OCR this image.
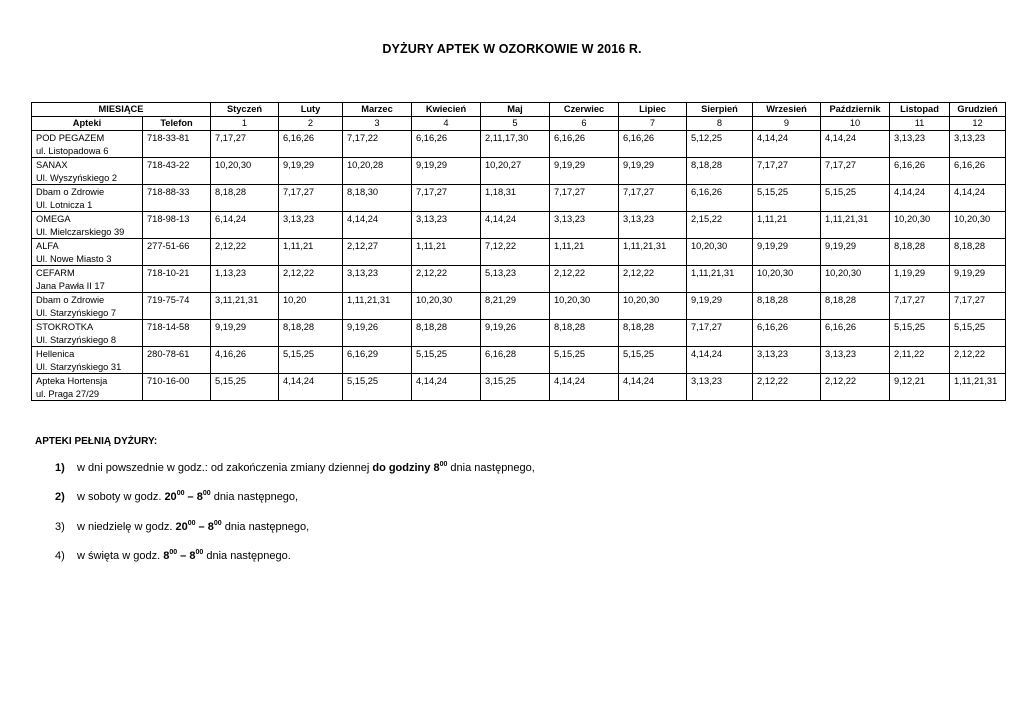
DYŻURY APTEK W OZORKOWIE W 2016 R.
MIESIĄCE		Styczeń	Luty	Marzec	Kwiecień	Maj	Czerwiec	Lipiec	Sierpień	Wrzesień	Październik	Listopad	Grudzień
Apteki	Telefon	1	2	3	4	5	6	7	8	9	10	11	12

POD PEGAZEM
ul. Listopadowa 6	718-33-81	7,17,27	6,16,26	7,17,22	6,16,26	2,11,17,30	6,16,26	6,16,26	5,12,25	4,14,24	4,14,24	3,13,23	3,13,23

SANAX
Ul. Wyszyńskiego 2	718-43-22	10,20,30	9,19,29	10,20,28	9,19,29	10,20,27	9,19,29	9,19,29	8,18,28	7,17,27	7,17,27	6,16,26	6,16,26

Dbam o Zdrowie
Ul. Lotnicza 1	718-88-33	8,18,28	7,17,27	8,18,30	7,17,27	1,18,31	7,17,27	7,17,27	6,16,26	5,15,25	5,15,25	4,14,24	4,14,24

OMEGA
Ul. Mielczarskiego 39	718-98-13	6,14,24	3,13,23	4,14,24	3,13,23	4,14,24	3,13,23	3,13,23	2,15,22	1,11,21	1,11,21,31	10,20,30	10,20,30

ALFA
Ul. Nowe Miasto 3	277-51-66	2,12,22	1,11,21	2,12,27	1,11,21	7,12,22	1,11,21	1,11,21,31	10,20,30	9,19,29	9,19,29	8,18,28	8,18,28

CEFARM
Jana Pawła II 17	718-10-21	1,13,23	2,12,22	3,13,23	2,12,22	5,13,23	2,12,22	2,12,22	1,11,21,31	10,20,30	10,20,30	1,19,29	9,19,29

Dbam o Zdrowie
Ul. Starzyńskiego 7	719-75-74	3,11,21,31	10,20	1,11,21,31	10,20,30	8,21,29	10,20,30	10,20,30	9,19,29	8,18,28	8,18,28	7,17,27	7,17,27

STOKROTKA
Ul. Starzyńskiego 8	718-14-58	9,19,29	8,18,28	9,19,26	8,18,28	9,19,26	8,18,28	8,18,28	7,17,27	6,16,26	6,16,26	5,15,25	5,15,25

Hellenica
Ul. Starzyńskiego 31	280-78-61	4,16,26	5,15,25	6,16,29	5,15,25	6,16,28	5,15,25	5,15,25	4,14,24	3,13,23	3,13,23	2,11,22	2,12,22

Apteka Hortensja
ul. Praga 27/29	710-16-00	5,15,25	4,14,24	5,15,25	4,14,24	3,15,25	4,14,24	4,14,24	3,13,23	2,12,22	2,12,22	9,12,21	1,11,21,31
APTEKI PEŁNIĄ DYŻURY:
1) w dni powszednie w godz.: od zakończenia zmiany dziennej do godziny $8^{00}$ dnia następnego,
2) w soboty w godz. $20^{00} - 8^{00}$ dnia następnego,
3) w niedzielę w godz. $20^{00} - 8^{00}$ dnia następnego,
4) w święta w godz. $8^{00} - 8^{00}$ dnia następnego.
